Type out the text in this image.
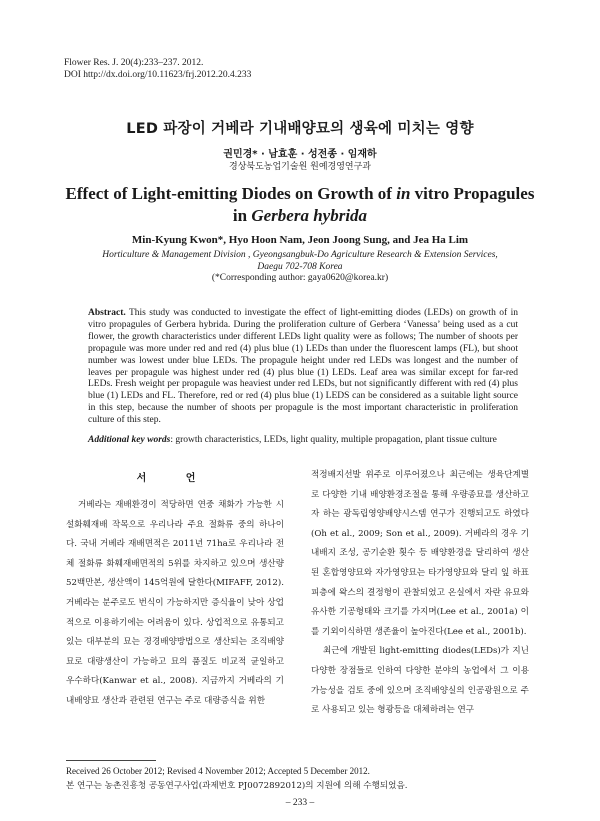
Flower Res. J. 20(4):233–237. 2012.
DOI http://dx.doi.org/10.11623/frj.2012.20.4.233
LED 파장이 거베라 기내배양묘의 생육에 미치는 영향
권민경* · 남효훈 · 성전종 · 임재하
경상북도농업기술원 원예경영연구과
Effect of Light-emitting Diodes on Growth of in vitro Propagules
in Gerbera hybrida
Min-Kyung Kwon*, Hyo Hoon Nam, Jeon Joong Sung, and Jea Ha Lim
Horticulture & Management Division , Gyeongsangbuk-Do Agriculture Research & Extension Services,
Daegu 702-708 Korea
(*Corresponding author: gaya0620@korea.kr)
Abstract. This study was conducted to investigate the effect of light-emitting diodes (LEDs) on growth of in vitro propagules of Gerbera hybrida. During the proliferation culture of Gerbera ‘Vanessa’ being used as a cut flower, the growth characteristics under different LEDs light quality were as follows; The number of shoots per propagule was more under red and red (4) plus blue (1) LEDs than under the fluorescent lamps (FL), but shoot number was lowest under blue LEDs. The propagule height under red LEDs was longest and the number of leaves per propagule was highest under red (4) plus blue (1) LEDs. Leaf area was similar except for far-red LEDs. Fresh weight per propagule was heaviest under red LEDs, but not significantly different with red (4) plus blue (1) LEDs and FL. Therefore, red or red (4) plus blue (1) LEDS can be considered as a suitable light source in this step, because the number of shoots per propagule is the most important characteristic in proliferation culture of this step.
Additional key words: growth characteristics, LEDs, light quality, multiple propagation, plant tissue culture
서 언

거베라는 재배환경이 적당하면 연중 채화가 가능한 시설화훼재배 작목으로 우리나라 주요 절화류 중의 하나이다. 국내 거베라 재배면적은 2011년 71ha로 우리나라 전체 절화류 화훼재배면적의 5위를 차지하고 있으며 생산량 52백만본, 생산액이 145억원에 달한다(MIFAFF, 2012). 거베라는 분주로도 번식이 가능하지만 증식율이 낮아 상업적으로 이용하기에는 어려움이 있다. 상업적으로 유통되고 있는 대부분의 묘는 경경배양방법으로 생산되는 조직배양묘로 대량생산이 가능하고 묘의 품질도 비교적 균일하고 우수하다(Kanwar et al., 2008). 지금까지 거베라의 기내배양묘 생산과 관련된 연구는 주로 대량증식을 위한

적정배지선발 위주로 이루어졌으나 최근에는 생육단계별로 다양한 기내 배양환경조절을 통해 우량종묘를 생산하고자 하는 광독립영양배양시스템 연구가 진행되고도 하였다(Oh et al., 2009; Son et al., 2009). 거베라의 경우 기내배지 조성, 공기순환 횟수 등 배양환경을 달리하여 생산된 혼합영양묘와 자가영양묘는 타가영양묘와 달리 잎 하표피층에 왁스의 결정형이 관찰되었고 온실에서 자란 유묘와 유사한 기공형태와 크기를 가지며(Lee et al., 2001a) 이를 기외이식하면 생존율이 높아진다(Lee et al., 2001b).

최근에 개발된 light-emitting diodes(LEDs)가 지닌 다양한 장점들로 인하여 다양한 분야의 농업에서 그 이용가능성을 검토 중에 있으며 조직배양실의 인공광원으로 주로 사용되고 있는 형광등을 대체하려는 연구

Received 26 October 2012; Revised 4 November 2012; Accepted 5 December 2012.
본 연구는 농촌진흥청 공동연구사업(과제번호 PJ0072892012)의 지원에 의해 수행되었음.
– 233 –
